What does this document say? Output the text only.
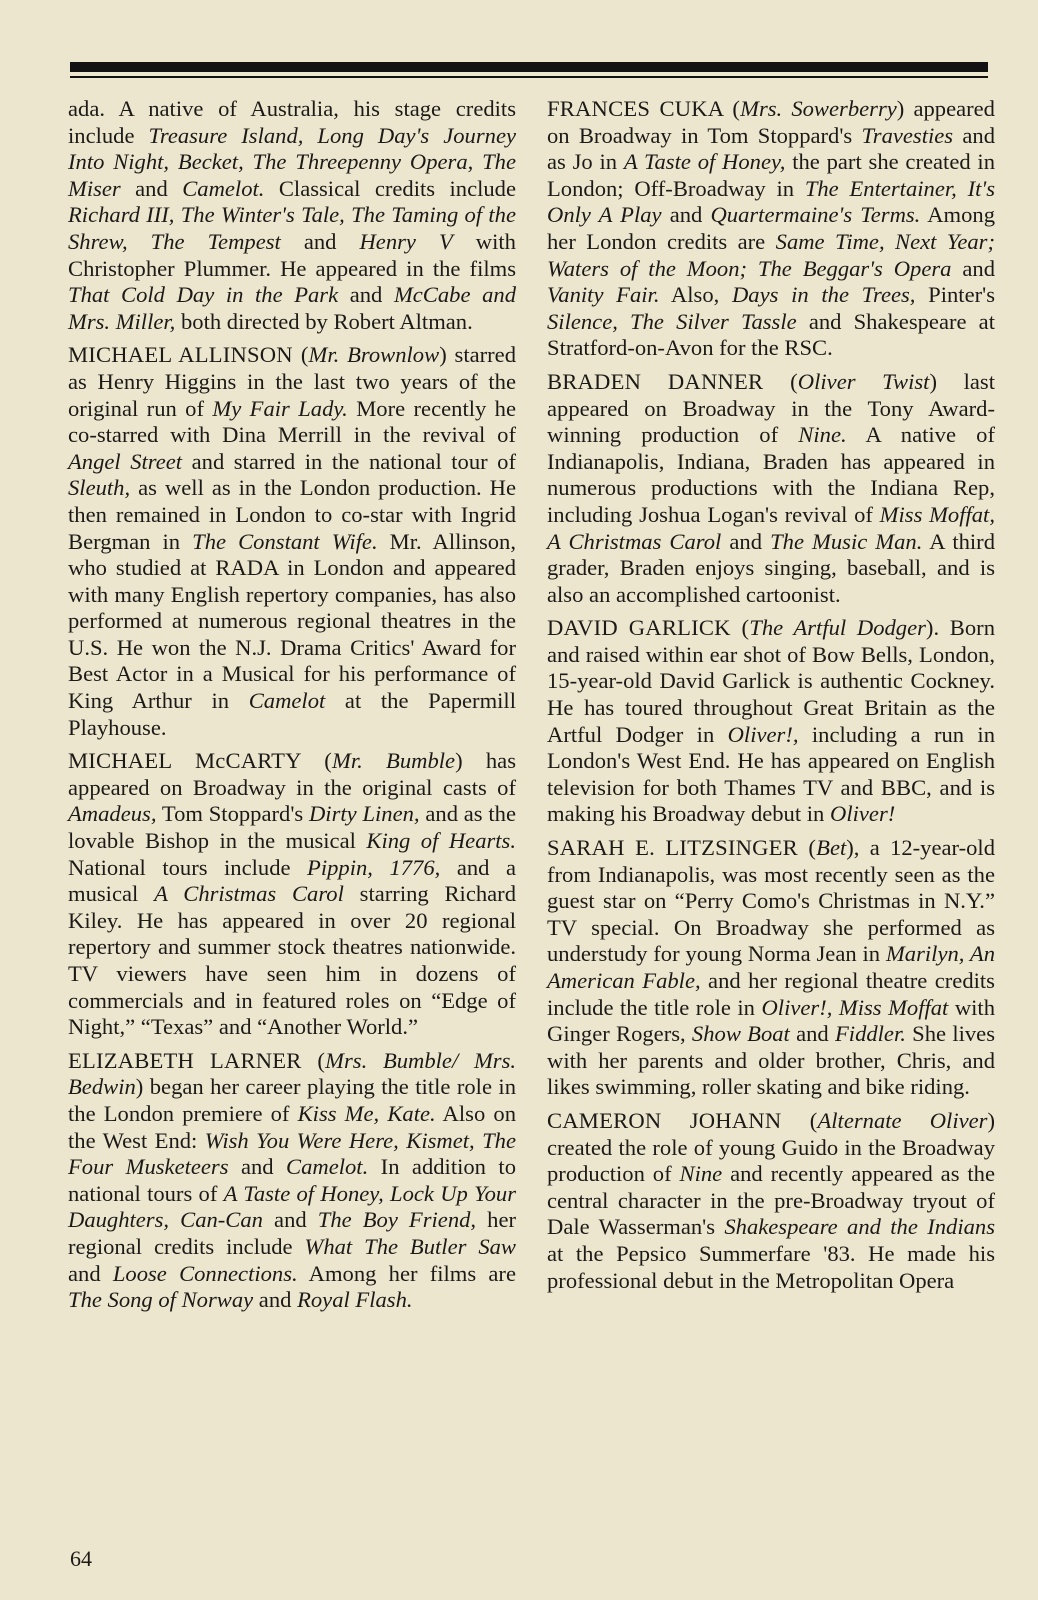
ada. A native of Australia, his stage credits include Treasure Island, Long Day's Journey Into Night, Becket, The Threepenny Opera, The Miser and Camelot. Classical credits include Richard III, The Winter's Tale, The Taming of the Shrew, The Tempest and Henry V with Christopher Plummer. He appeared in the films That Cold Day in the Park and McCabe and Mrs. Miller, both directed by Robert Altman.

MICHAEL ALLINSON (Mr. Brownlow) starred as Henry Higgins in the last two years of the original run of My Fair Lady. More recently he co-starred with Dina Merrill in the revival of Angel Street and starred in the national tour of Sleuth, as well as in the London production. He then remained in London to co-star with Ingrid Bergman in The Constant Wife. Mr. Allinson, who studied at RADA in London and appeared with many English repertory companies, has also performed at numerous regional theatres in the U.S. He won the N.J. Drama Critics' Award for Best Actor in a Musical for his performance of King Arthur in Camelot at the Papermill Playhouse.

MICHAEL McCARTY (Mr. Bumble) has appeared on Broadway in the original casts of Amadeus, Tom Stoppard's Dirty Linen, and as the lovable Bishop in the musical King of Hearts. National tours include Pippin, 1776, and a musical A Christmas Carol starring Richard Kiley. He has appeared in over 20 regional repertory and summer stock theatres nationwide. TV viewers have seen him in dozens of commercials and in featured roles on “Edge of Night,” “Texas” and “Another World.”

ELIZABETH LARNER (Mrs. Bumble/ Mrs. Bedwin) began her career playing the title role in the London premiere of Kiss Me, Kate. Also on the West End: Wish You Were Here, Kismet, The Four Musketeers and Camelot. In addition to national tours of A Taste of Honey, Lock Up Your Daughters, Can-Can and The Boy Friend, her regional credits include What The Butler Saw and Loose Connections. Among her films are The Song of Norway and Royal Flash.

FRANCES CUKA (Mrs. Sowerberry) appeared on Broadway in Tom Stoppard's Travesties and as Jo in A Taste of Honey, the part she created in London; Off-Broadway in The Entertainer, It's Only A Play and Quartermaine's Terms. Among her London credits are Same Time, Next Year; Waters of the Moon; The Beggar's Opera and Vanity Fair. Also, Days in the Trees, Pinter's Silence, The Silver Tassle and Shakespeare at Stratford-on-Avon for the RSC.

BRADEN DANNER (Oliver Twist) last appeared on Broadway in the Tony Award-winning production of Nine. A native of Indianapolis, Indiana, Braden has appeared in numerous productions with the Indiana Rep, including Joshua Logan's revival of Miss Moffat, A Christmas Carol and The Music Man. A third grader, Braden enjoys singing, baseball, and is also an accomplished cartoonist.

DAVID GARLICK (The Artful Dodger). Born and raised within ear shot of Bow Bells, London, 15-year-old David Garlick is authentic Cockney. He has toured throughout Great Britain as the Artful Dodger in Oliver!, including a run in London's West End. He has appeared on English television for both Thames TV and BBC, and is making his Broadway debut in Oliver!

SARAH E. LITZSINGER (Bet), a 12-year-old from Indianapolis, was most recently seen as the guest star on “Perry Como's Christmas in N.Y.” TV special. On Broadway she performed as understudy for young Norma Jean in Marilyn, An American Fable, and her regional theatre credits include the title role in Oliver!, Miss Moffat with Ginger Rogers, Show Boat and Fiddler. She lives with her parents and older brother, Chris, and likes swimming, roller skating and bike riding.

CAMERON JOHANN (Alternate Oliver) created the role of young Guido in the Broadway production of Nine and recently appeared as the central character in the pre-Broadway tryout of Dale Wasserman's Shakespeare and the Indians at the Pepsico Summerfare '83. He made his professional debut in the Metropolitan Opera

64
